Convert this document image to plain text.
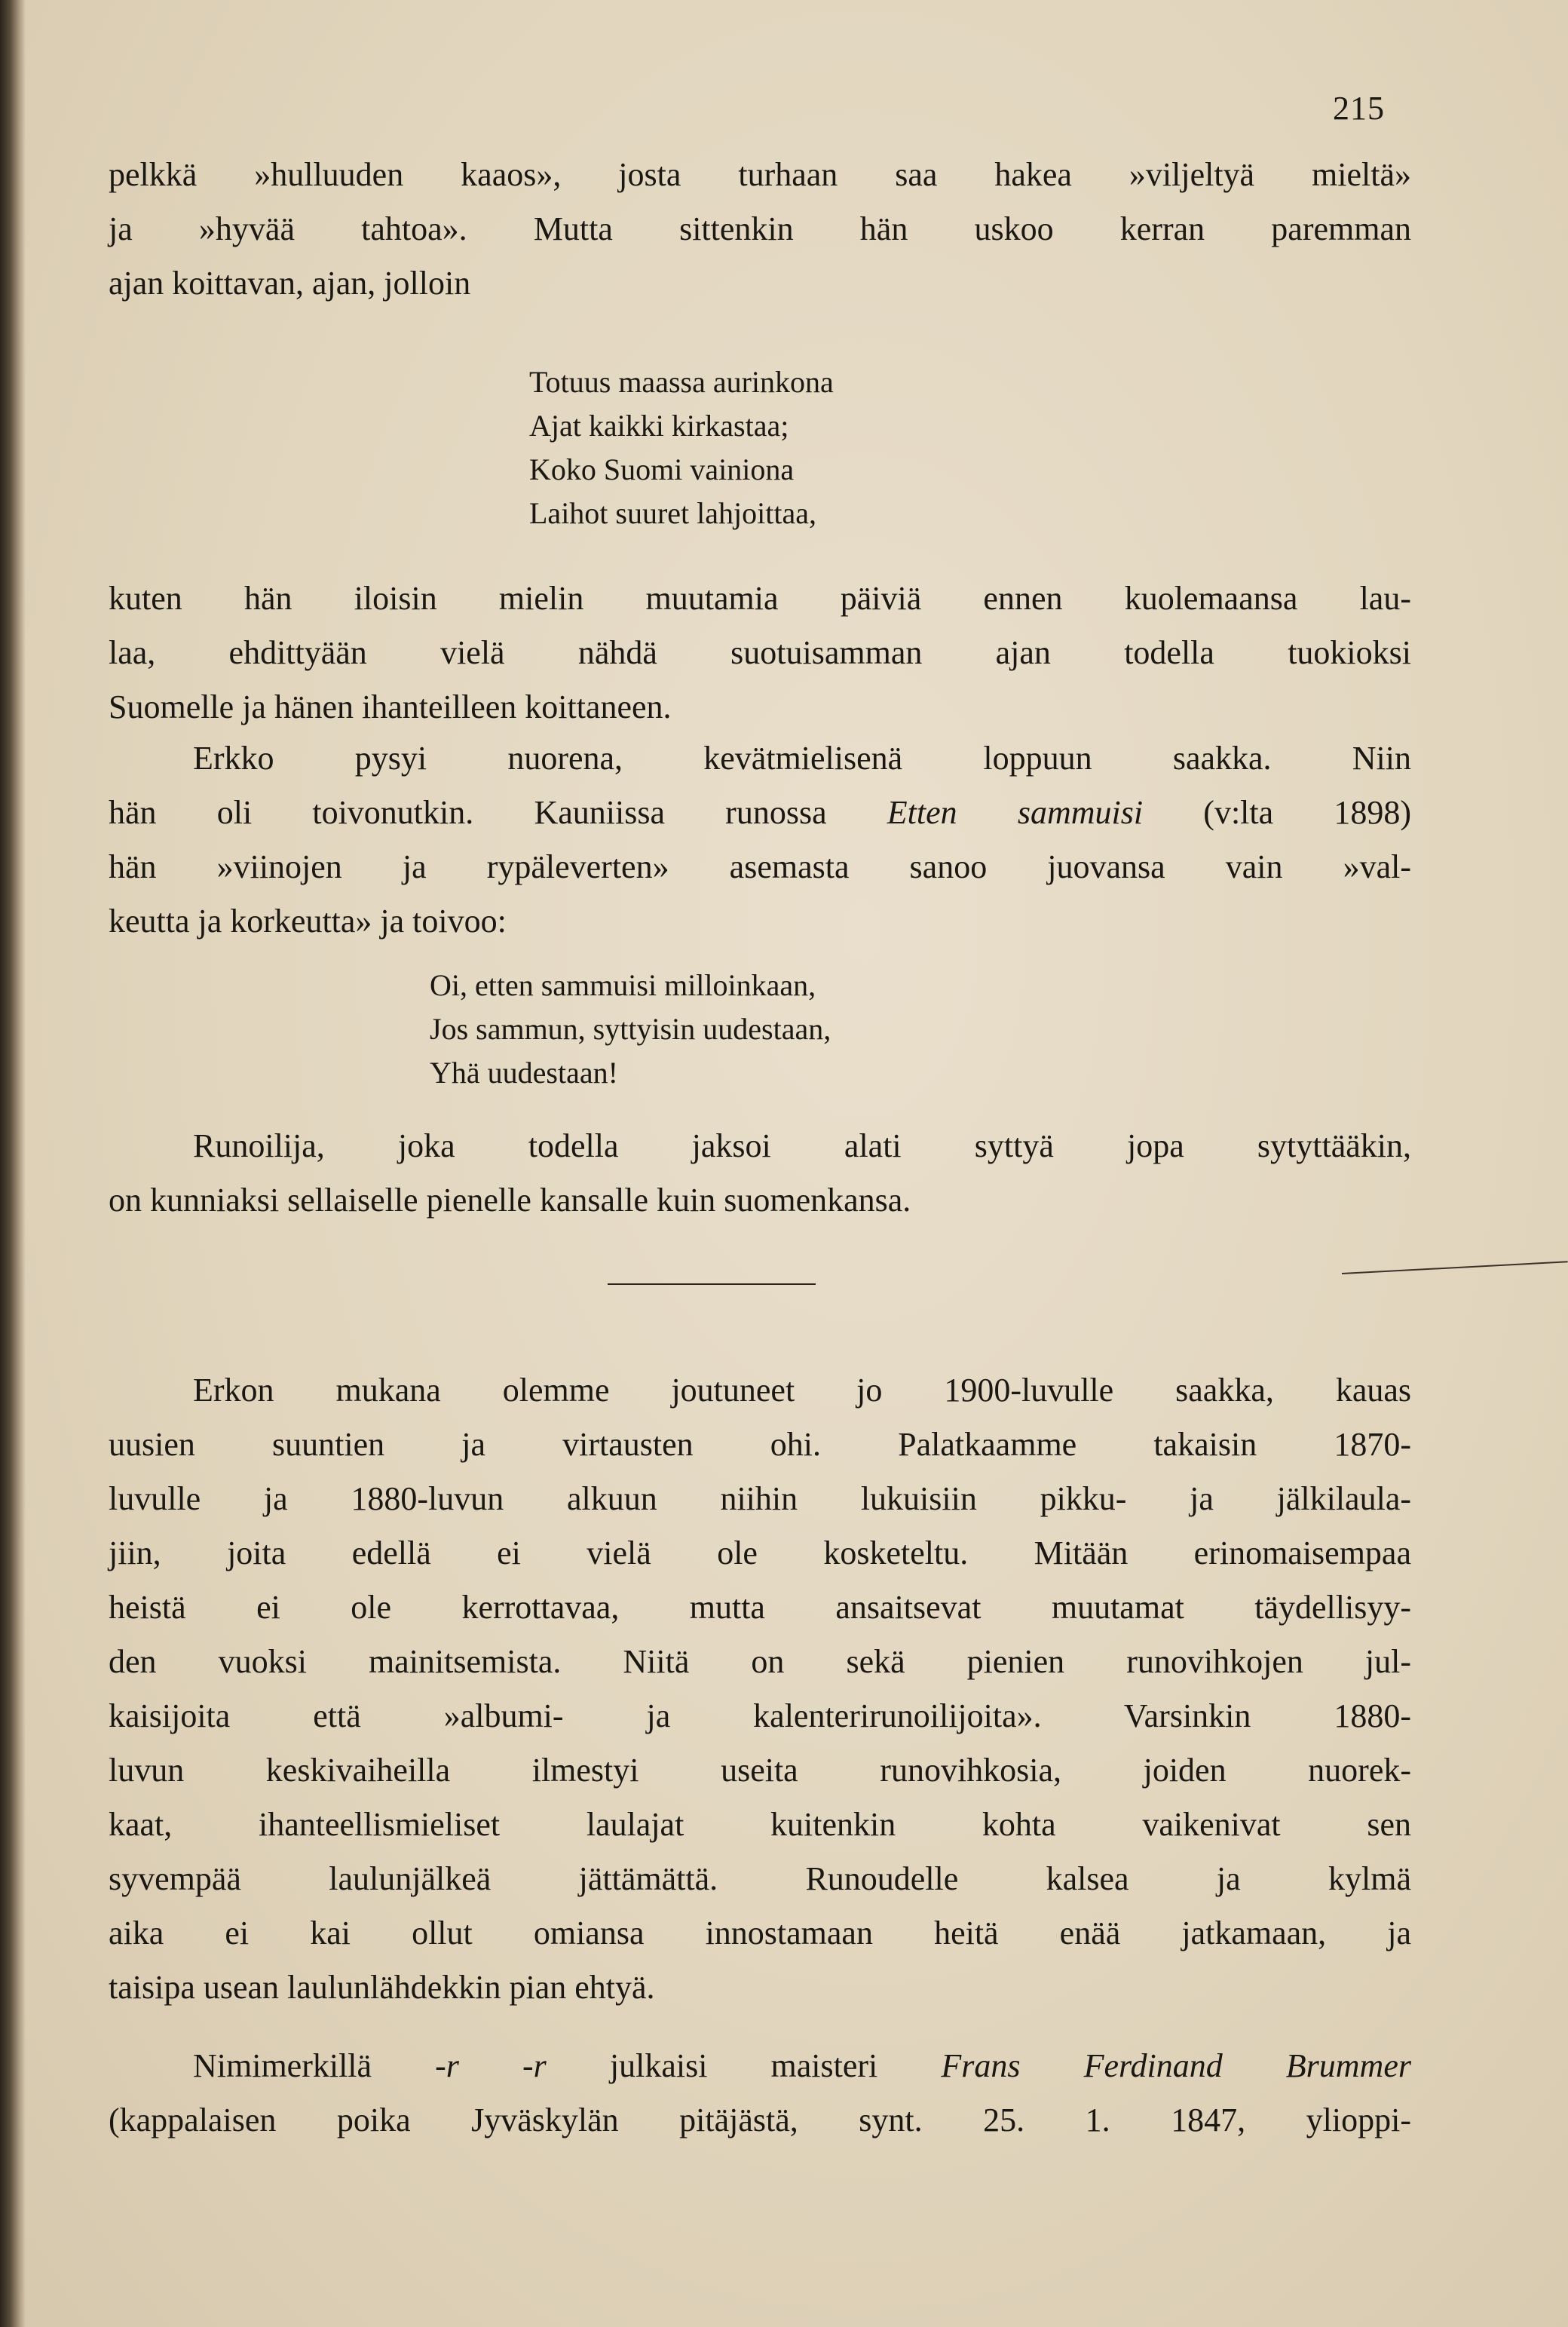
215
pelkkä »hulluuden kaaos», josta turhaan saa hakea »viljeltyä mieltä»
ja »hyvää tahtoa». Mutta sittenkin hän uskoo kerran paremman
ajan koittavan, ajan, jolloin
Totuus maassa aurinkona
Ajat kaikki kirkastaa;
Koko Suomi vainiona
Laihot suuret lahjoittaa,
kuten hän iloisin mielin muutamia päiviä ennen kuolemaansa lau-
laa, ehdittyään vielä nähdä suotuisamman ajan todella tuokioksi
Suomelle ja hänen ihanteilleen koittaneen.
Erkko pysyi nuorena, kevätmielisenä loppuun saakka. Niin
hän oli toivonutkin. Kauniissa runossa Etten sammuisi (v:lta 1898)
hän »viinojen ja rypäleverten» asemasta sanoo juovansa vain »val-
keutta ja korkeutta» ja toivoo:
Oi, etten sammuisi milloinkaan,
Jos sammun, syttyisin uudestaan,
Yhä uudestaan!
Runoilija, joka todella jaksoi alati syttyä jopa sytyttääkin,
on kunniaksi sellaiselle pienelle kansalle kuin suomenkansa.
Erkon mukana olemme joutuneet jo 1900-luvulle saakka, kauas
uusien suuntien ja virtausten ohi. Palatkaamme takaisin 1870-
luvulle ja 1880-luvun alkuun niihin lukuisiin pikku- ja jälkilaula-
jiin, joita edellä ei vielä ole kosketeltu. Mitään erinomaisempaa
heistä ei ole kerrottavaa, mutta ansaitsevat muutamat täydellisyy-
den vuoksi mainitsemista. Niitä on sekä pienien runovihkojen jul-
kaisijoita että »albumi- ja kalenterirunoilijoita». Varsinkin 1880-
luvun keskivaiheilla ilmestyi useita runovihkosia, joiden nuorek-
kaat, ihanteellismieliset laulajat kuitenkin kohta vaikenivat sen
syvempää laulunjälkeä jättämättä. Runoudelle kalsea ja kylmä
aika ei kai ollut omiansa innostamaan heitä enää jatkamaan, ja
taisipa usean laulunlähdekkin pian ehtyä.
Nimimerkillä -r -r julkaisi maisteri Frans Ferdinand Brummer
(kappalaisen poika Jyväskylän pitäjästä, synt. 25. 1. 1847, ylioppi-
